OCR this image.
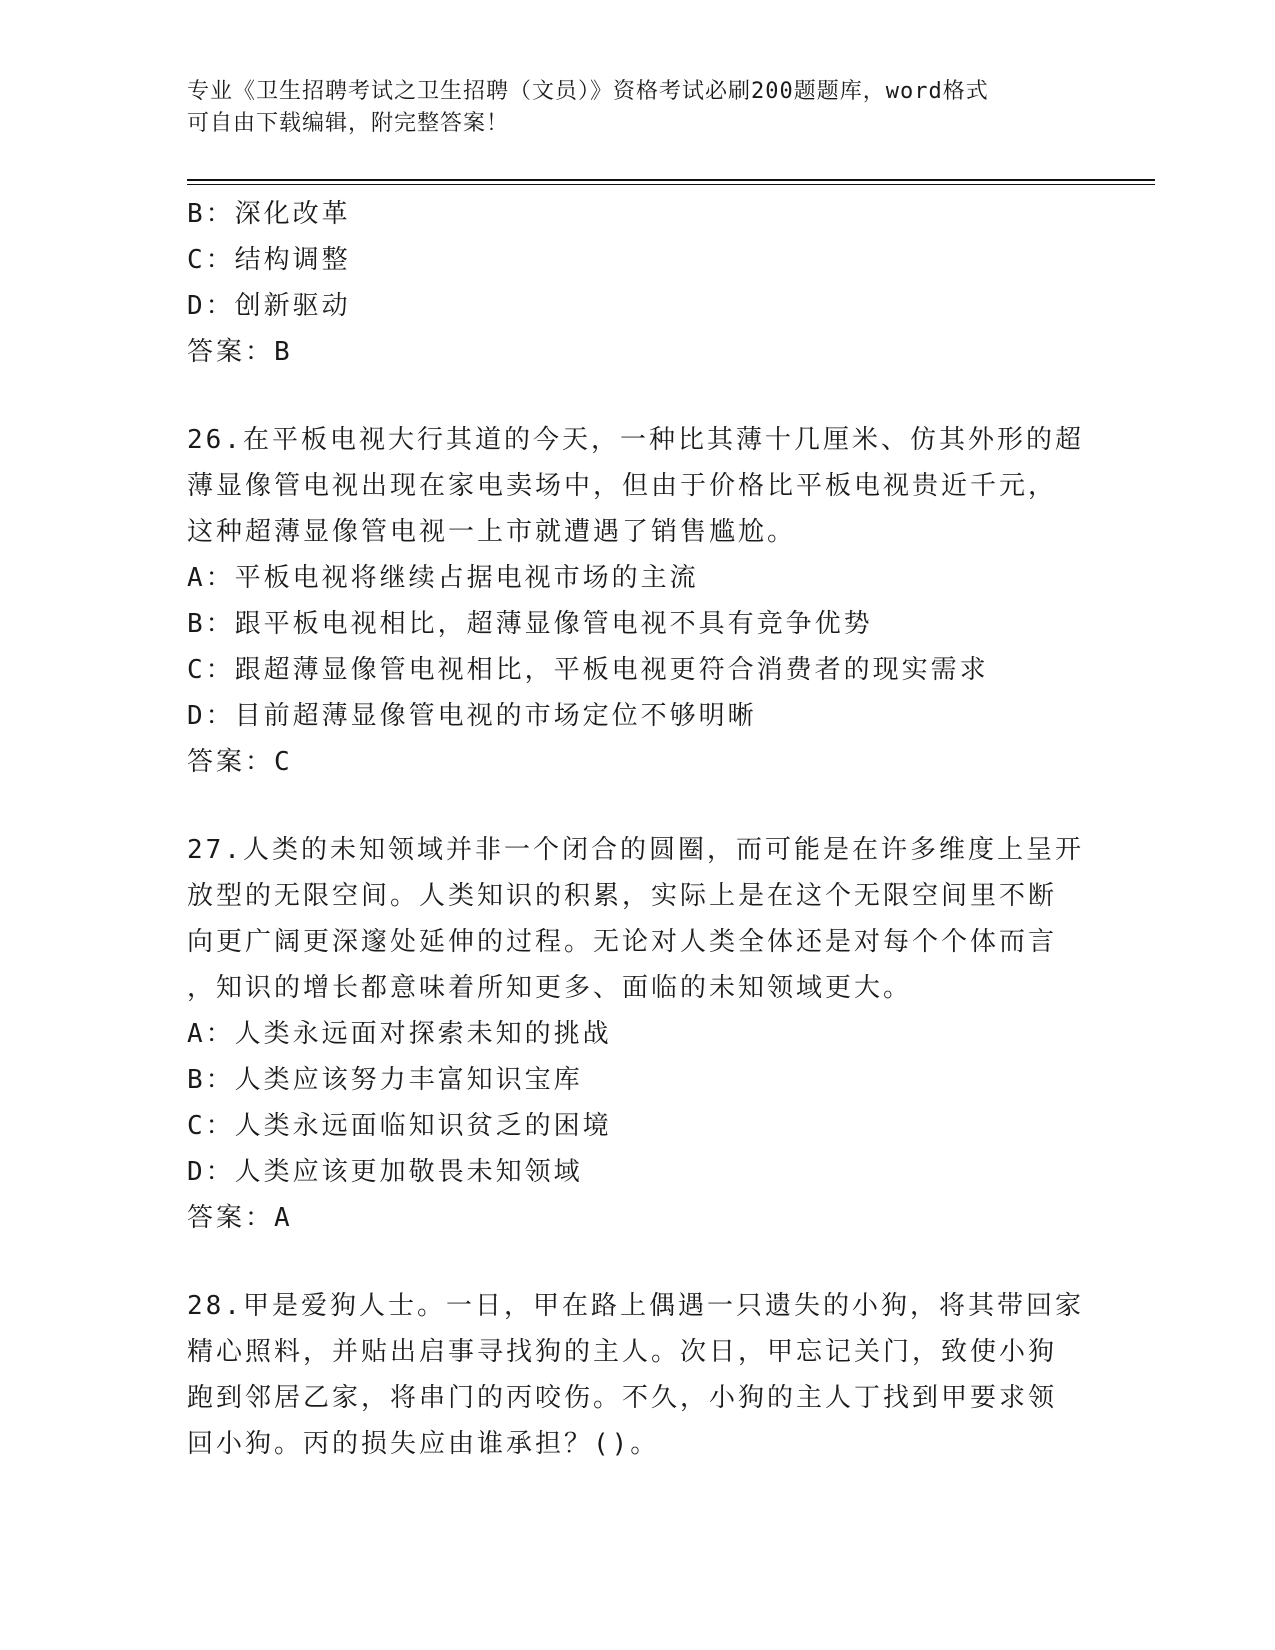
专业《卫生招聘考试之卫生招聘（文员）》资格考试必刷200题题库，word格式
可自由下载编辑，附完整答案！
B：深化改革
C：结构调整
D：创新驱动
答案：B
26.在平板电视大行其道的今天，一种比其薄十几厘米、仿其外形的超
薄显像管电视出现在家电卖场中，但由于价格比平板电视贵近千元，
这种超薄显像管电视一上市就遭遇了销售尴尬。
A：平板电视将继续占据电视市场的主流
B：跟平板电视相比，超薄显像管电视不具有竞争优势
C：跟超薄显像管电视相比，平板电视更符合消费者的现实需求
D：目前超薄显像管电视的市场定位不够明晰
答案：C
27.人类的未知领域并非一个闭合的圆圈，而可能是在许多维度上呈开
放型的无限空间。人类知识的积累，实际上是在这个无限空间里不断
向更广阔更深邃处延伸的过程。无论对人类全体还是对每个个体而言
，知识的增长都意味着所知更多、面临的未知领域更大。
A：人类永远面对探索未知的挑战
B：人类应该努力丰富知识宝库
C：人类永远面临知识贫乏的困境
D：人类应该更加敬畏未知领域
答案：A
28.甲是爱狗人士。一日，甲在路上偶遇一只遗失的小狗，将其带回家
精心照料，并贴出启事寻找狗的主人。次日，甲忘记关门，致使小狗
跑到邻居乙家，将串门的丙咬伤。不久，小狗的主人丁找到甲要求领
回小狗。丙的损失应由谁承担？()。
